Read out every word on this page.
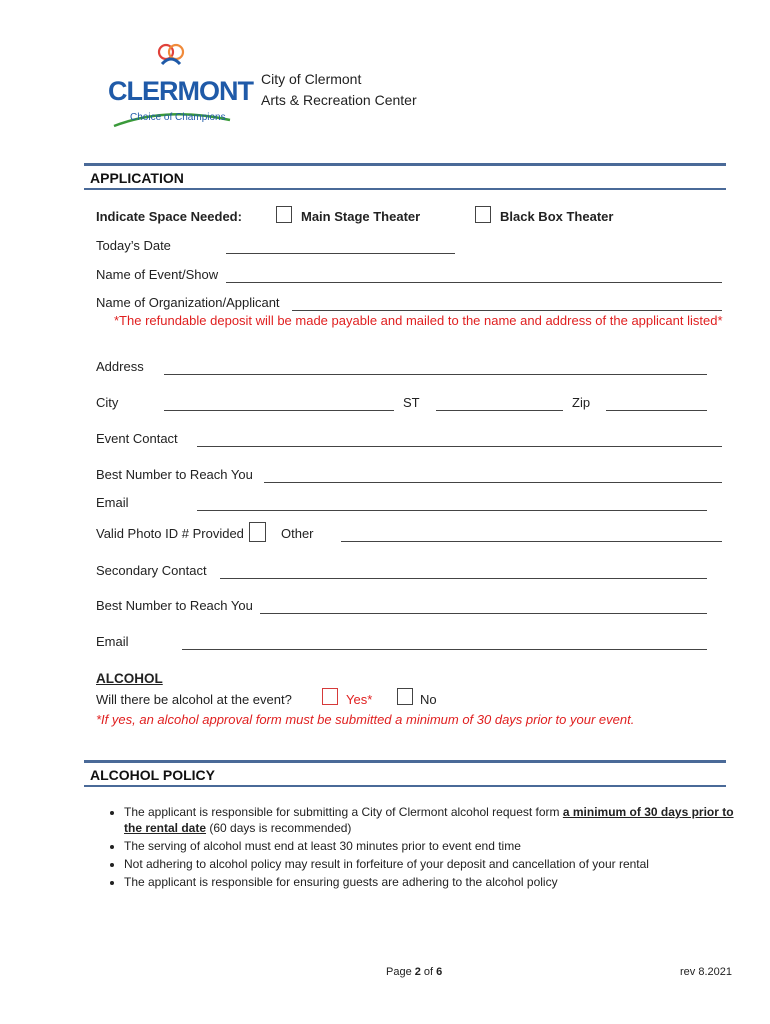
CLERMONT
Choice of Champions
City of Clermont
Arts & Recreation Center
APPLICATION
Indicate Space Needed:	Main Stage Theater	Black Box Theater
Today’s Date
Name of Event/Show
Name of Organization/Applicant
*The refundable deposit will be made payable and mailed to the name and address of the applicant listed*
Address
City	ST	Zip
Event Contact
Best Number to Reach You
Email
Valid Photo ID # Provided	Other
Secondary Contact
Best Number to Reach You
Email
ALCOHOL
Will there be alcohol at the event?	Yes*	No
*If yes, an alcohol approval form must be submitted a minimum of 30 days prior to your event.
ALCOHOL POLICY
• The applicant is responsible for submitting a City of Clermont alcohol request form a minimum of 30 days prior to the rental date (60 days is recommended)
• The serving of alcohol must end at least 30 minutes prior to event end time
• Not adhering to alcohol policy may result in forfeiture of your deposit and cancellation of your rental
• The applicant is responsible for ensuring guests are adhering to the alcohol policy
Page 2 of 6	rev 8.2021
